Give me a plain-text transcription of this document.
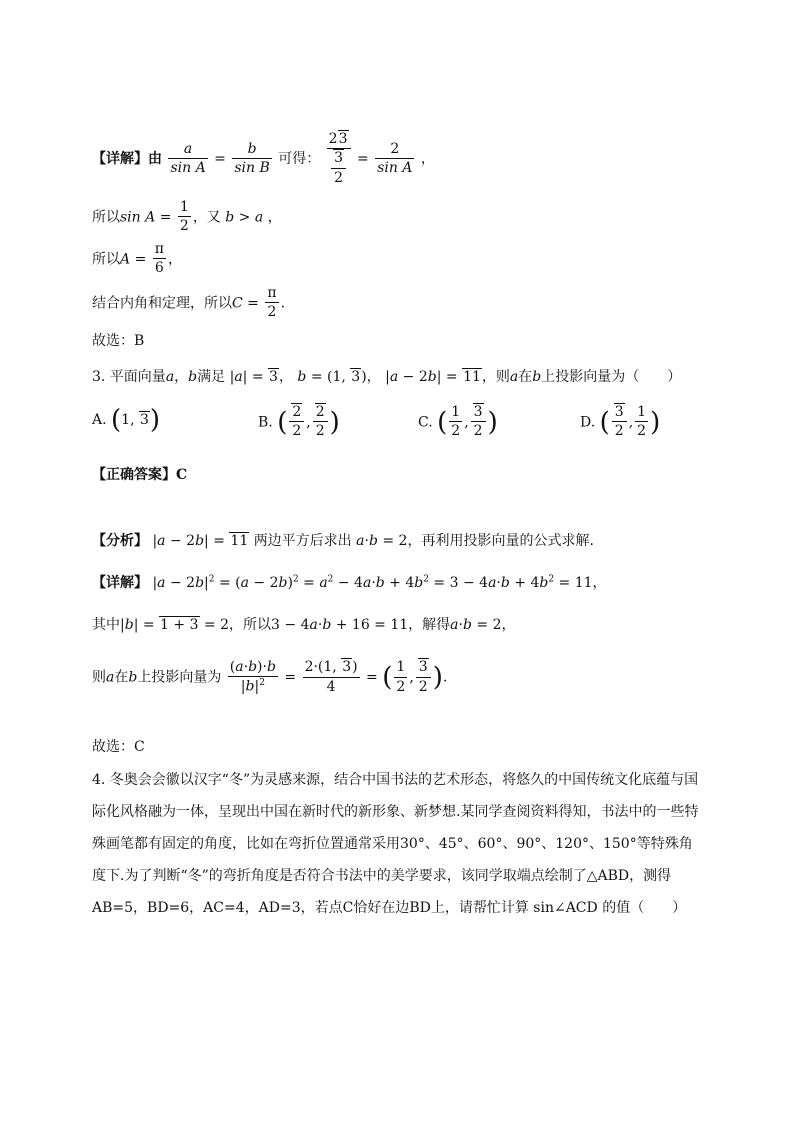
【详解】由 $\frac{a}{\text{sin A}} = \frac{b}{\text{sin B}}$ 可得： $\frac{23}{\frac{3}{2}} = \frac{2}{\text{sin A}}$ ，
所以$\sin A = \frac{1}{2}$ ，又 b > a ，
所以$A = \frac{\pi}{6}$ ，
结合内角和定理，所以$C = \frac{\pi}{2}$ .
故选：B
3. 平面向量a，b满足 |a| = 3， b = (1, 3)， |a − 2b| = 11，则a在b上投影向量为（　　）
A. (1, 3)	B. ( $\frac{2}{2}$ , $\frac{2}{2}$ )	C. ( $\frac{1}{2}$ , $\frac{3}{2}$ )	D. ( $\frac{3}{2}$ , $\frac{1}{2}$ )
【正确答案】C
【分析】 |a − 2b| = 11 两边平方后求出 a·b = 2，再利用投影向量的公式求解.
【详解】 $|a - 2b|^2 = (a - 2b)^2 = a^2 - 4a\cdot b + 4b^2 = 3 - 4a\cdot b + 4b^2 = 11$，
其中|b| = 1 + 3 = 2，所以3 − 4a·b + 16 = 11，解得a·b = 2，
则a在b上投影向量为 $\frac{(a\cdot b)\cdot b}{|b|^2} = \frac{2\cdot(1, 3)}{4}$ = ( $\frac{1}{2}$ , $\frac{3}{2}$ ).
故选：C
4. 冬奥会会徽以汉字“冬”为灵感来源，结合中国书法的艺术形态，将悠久的中国传统文化底蕴与国际化风格融为一体，呈现出中国在新时代的新形象、新梦想.某同学查阅资料得知，书法中的一些特殊画笔都有固定的角度，比如在弯折位置通常采用30°、45°、60°、90°、120°、150°等特殊角度下.为了判断“冬”的弯折角度是否符合书法中的美学要求，该同学取端点绘制了△ABD，测得AB=5，BD=6，AC=4，AD=3，若点C恰好在边BD上，请帮忙计算 sin∠ACD 的值（　　）
